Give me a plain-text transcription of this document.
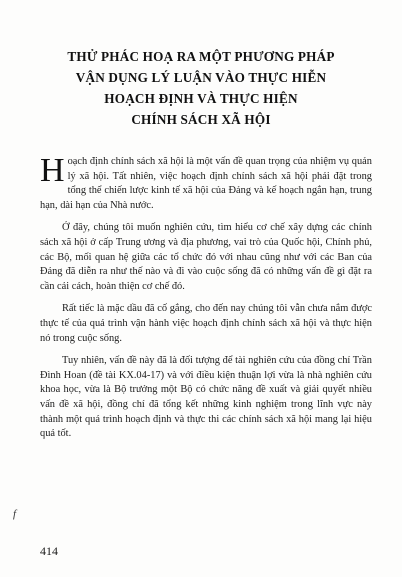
THỬ PHÁC HOẠ RA MỘT PHƯƠNG PHÁP
VẬN DỤNG LÝ LUẬN VÀO THỰC HIỄN
HOẠCH ĐỊNH VÀ THỰC HIỆN
CHÍNH SÁCH XÃ HỘI

Hoạch định chính sách xã hội là một vấn đề quan trọng của nhiệm vụ quản lý xã hội. Tất nhiên, việc hoạch định chính sách xã hội phải đặt trong tổng thể chiến lược kinh tế xã hội của Đảng và kế hoạch ngắn hạn, trung hạn, dài hạn của Nhà nước.

Ở đây, chúng tôi muốn nghiên cứu, tìm hiểu cơ chế xây dựng các chính sách xã hội ở cấp Trung ương và địa phương, vai trò của Quốc hội, Chính phủ, các Bộ, mối quan hệ giữa các tổ chức đó với nhau cũng như với các Ban của Đảng đã diễn ra như thế nào và đi vào cuộc sống đã có những vấn đề gì đặt ra cần cải cách, hoàn thiện cơ chế đó.

Rất tiếc là mặc dầu đã cố gắng, cho đến nay chúng tôi vẫn chưa nắm được thực tế của quá trình vận hành việc hoạch định chính sách xã hội và thực hiện nó trong cuộc sống.

Tuy nhiên, vấn đề này đã là đối tượng để tài nghiên cứu của đồng chí Trần Đình Hoan (đề tài KX.04-17) và với điều kiện thuận lợi vừa là nhà nghiên cứu khoa học, vừa là Bộ trưởng một Bộ có chức năng đề xuất và giải quyết nhiều vấn đề xã hội, đồng chí đã tổng kết những kinh nghiệm trong lĩnh vực này thành một quá trình hoạch định và thực thi các chính sách xã hội mang lại hiệu quả tốt.

f
414
